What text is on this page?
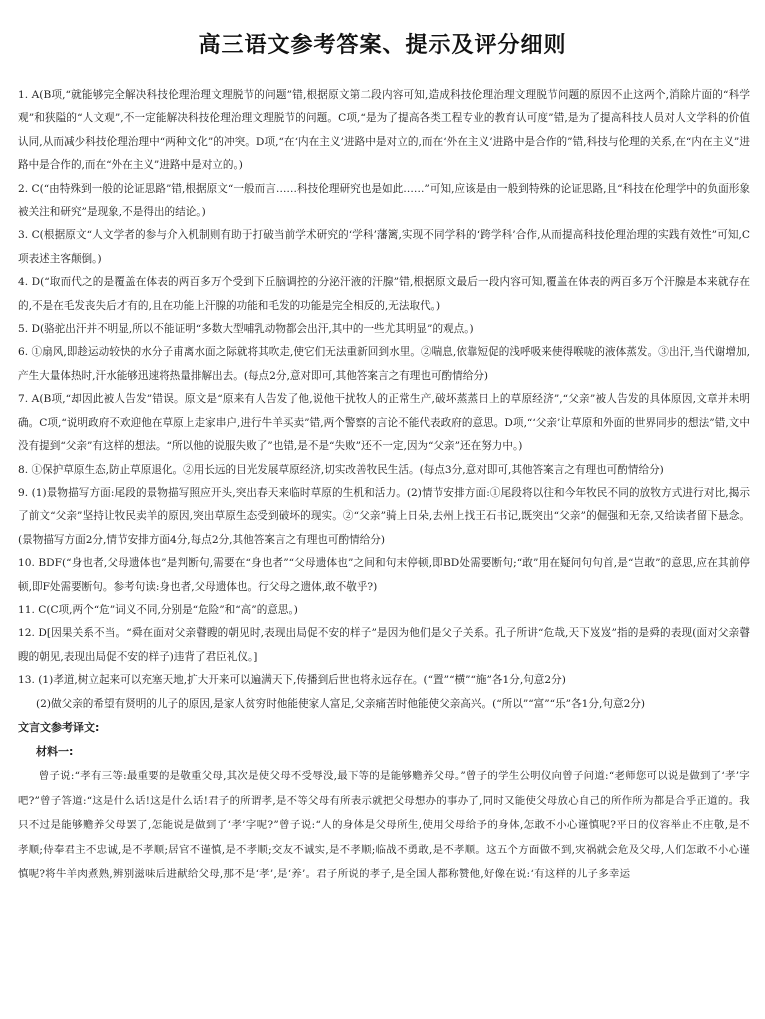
高三语文参考答案、提示及评分细则
1. A(B项,“就能够完全解决科技伦理治理文理脱节的问题”错,根据原文第二段内容可知,造成科技伦理治理文理脱节问题的原因不止这两个,消除片面的“科学观”和狭隘的“人文观”,不一定能解决科技伦理治理文理脱节的问题。C项,“是为了提高各类工程专业的教育认可度”错,是为了提高科技人员对人文学科的价值认同,从而减少科技伦理治理中“两种文化”的冲突。D项,“在‘内在主义’进路中是对立的,而在‘外在主义’进路中是合作的”错,科技与伦理的关系,在“内在主义”进路中是合作的,而在“外在主义”进路中是对立的。)
2. C(“由特殊到一般的论证思路”错,根据原文“一般而言……科技伦理研究也是如此……”可知,应该是由一般到特殊的论证思路,且“科技在伦理学中的负面形象被关注和研究”是现象,不是得出的结论。)
3. C(根据原文“人文学者的参与介入机制则有助于打破当前学术研究的‘学科’藩篱,实现不同学科的‘跨学科’合作,从而提高科技伦理治理的实践有效性”可知,C项表述主客颠倒。)
4. D(“取而代之的是覆盖在体表的两百多万个受到下丘脑调控的分泌汗液的汗腺”错,根据原文最后一段内容可知,覆盖在体表的两百多万个汗腺是本来就存在的,不是在毛发丧失后才有的,且在功能上汗腺的功能和毛发的功能是完全相反的,无法取代。)
5. D(骆驼出汗并不明显,所以不能证明“多数大型哺乳动物都会出汗,其中的一些尤其明显”的观点。)
6. ①扇风,即趁运动较快的水分子甫离水面之际就将其吹走,使它们无法重新回到水里。②喘息,依靠短促的浅呼吸来使得喉咙的液体蒸发。③出汗,当代谢增加,产生大量体热时,汗水能够迅速将热量排解出去。(每点2分,意对即可,其他答案言之有理也可酌情给分)
7. A(B项,“却因此被人告发”错误。原文是“原来有人告发了他,说他干扰牧人的正常生产,破坏蒸蒸日上的草原经济”,“父亲”被人告发的具体原因,文章并未明确。C项,“说明政府不欢迎他在草原上走家串户,进行牛羊买卖”错,两个警察的言论不能代表政府的意思。D项,“‘父亲’让草原和外面的世界同步的想法”错,文中没有提到“父亲”有这样的想法。“所以他的说服失败了”也错,是不是“失败”还不一定,因为“父亲”还在努力中。)
8. ①保护草原生态,防止草原退化。②用长远的目光发展草原经济,切实改善牧民生活。(每点3分,意对即可,其他答案言之有理也可酌情给分)
9. (1)景物描写方面:尾段的景物描写照应开头,突出春天来临时草原的生机和活力。(2)情节安排方面:①尾段将以往和今年牧民不同的放牧方式进行对比,揭示了前文“父亲”坚持让牧民卖羊的原因,突出草原生态受到破坏的现实。②“父亲”骑上日朵,去州上找王石书记,既突出“父亲”的倔强和无奈,又给读者留下悬念。(景物描写方面2分,情节安排方面4分,每点2分,其他答案言之有理也可酌情给分)
10. BDF(“身也者,父母遗体也”是判断句,需要在“身也者”“父母遗体也”之间和句末停顿,即BD处需要断句;“敢”用在疑问句句首,是“岂敢”的意思,应在其前停顿,即F处需要断句。参考句读:身也者,父母遗体也。行父母之遗体,敢不敬乎?)
11. C(C项,两个“危”词义不同,分别是“危险”和“高”的意思。)
12. D[因果关系不当。“舜在面对父亲瞽瞍的朝见时,表现出局促不安的样子”是因为他们是父子关系。孔子所讲“危哉,天下岌岌”指的是舜的表现(面对父亲瞽瞍的朝见,表现出局促不安的样子)违背了君臣礼仪。]
13. (1)孝道,树立起来可以充塞天地,扩大开来可以遍满天下,传播到后世也将永远存在。(“置”“横”“施”各1分,句意2分)
(2)做父亲的希望有贤明的儿子的原因,是家人贫穷时他能使家人富足,父亲痛苦时他能使父亲高兴。(“所以”“富”“乐”各1分,句意2分)
文言文参考译文:
材料一:
曾子说:“孝有三等:最重要的是敬重父母,其次是使父母不受辱没,最下等的是能够赡养父母。”曾子的学生公明仪向曾子问道:“老师您可以说是做到了‘孝’字吧?”曾子答道:“这是什么话!这是什么话!君子的所谓孝,是不等父母有所表示就把父母想办的事办了,同时又能使父母放心自己的所作所为都是合乎正道的。我只不过是能够赡养父母罢了,怎能说是做到了‘孝’字呢?”曾子说:“人的身体是父母所生,使用父母给予的身体,怎敢不小心谨慎呢?平日的仪容举止不庄敬,是不孝顺;侍奉君主不忠诚,是不孝顺;居官不谨慎,是不孝顺;交友不诚实,是不孝顺;临战不勇敢,是不孝顺。这五个方面做不到,灾祸就会危及父母,人们怎敢不小心谨慎呢?将牛羊肉煮熟,辨别滋味后进献给父母,那不是‘孝’,是‘养’。君子所说的孝子,是全国人都称赞他,好像在说:‘有这样的儿子多幸运
